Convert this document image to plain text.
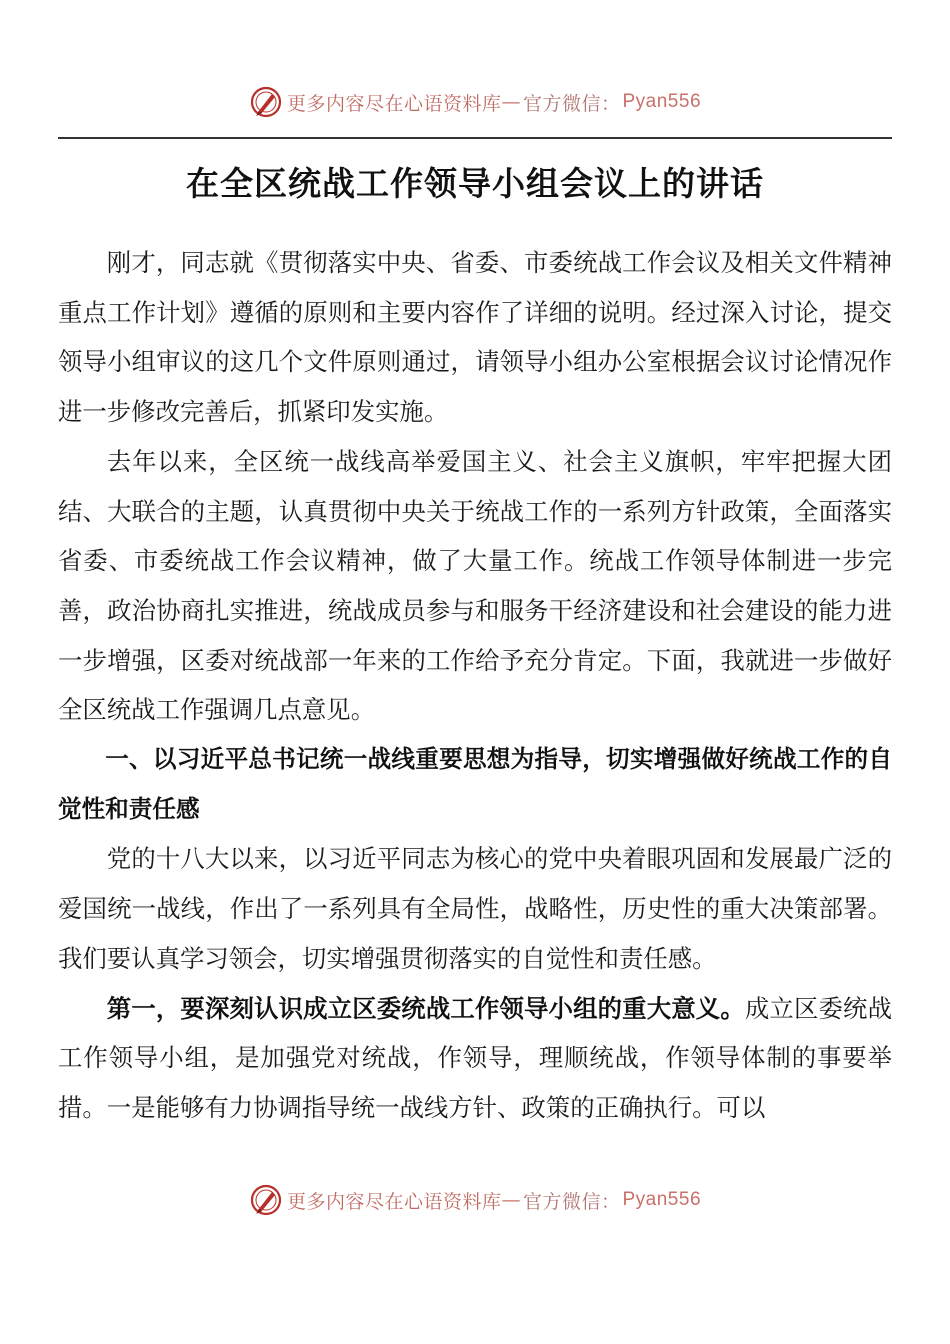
更多内容尽在心语资料库 — 官方微信： Pyan556
在全区统战工作领导小组会议上的讲话

刚才，同志就《贯彻落实中央、省委、市委统战工作会议及相关文件精神重点工作计划》遵循的原则和主要内容作了详细的说明。经过深入讨论，提交领导小组审议的这几个文件原则通过，请领导小组办公室根据会议讨论情况作进一步修改完善后，抓紧印发实施。

去年以来，全区统一战线高举爱国主义、社会主义旗帜，牢牢把握大团结、大联合的主题，认真贯彻中央关于统战工作的一系列方针政策，全面落实省委、市委统战工作会议精神，做了大量工作。统战工作领导体制进一步完善，政治协商扎实推进，统战成员参与和服务干经济建设和社会建设的能力进一步增强，区委对统战部一年来的工作给予充分肯定。下面，我就进一步做好全区统战工作强调几点意见。

一、以习近平总书记统一战线重要思想为指导，切实增强做好统战工作的自觉性和责任感

党的十八大以来，以习近平同志为核心的党中央着眼巩固和发展最广泛的爱国统一战线，作出了一系列具有全局性，战略性，历史性的重大决策部署。我们要认真学习领会，切实增强贯彻落实的自觉性和责任感。

第一，要深刻认识成立区委统战工作领导小组的重大意义。成立区委统战工作领导小组，是加强党对统战，作领导，理顺统战，作领导体制的事要举措。一是能够有力协调指导统一战线方针、政策的正确执行。可以

更多内容尽在心语资料库 — 官方微信： Pyan556
